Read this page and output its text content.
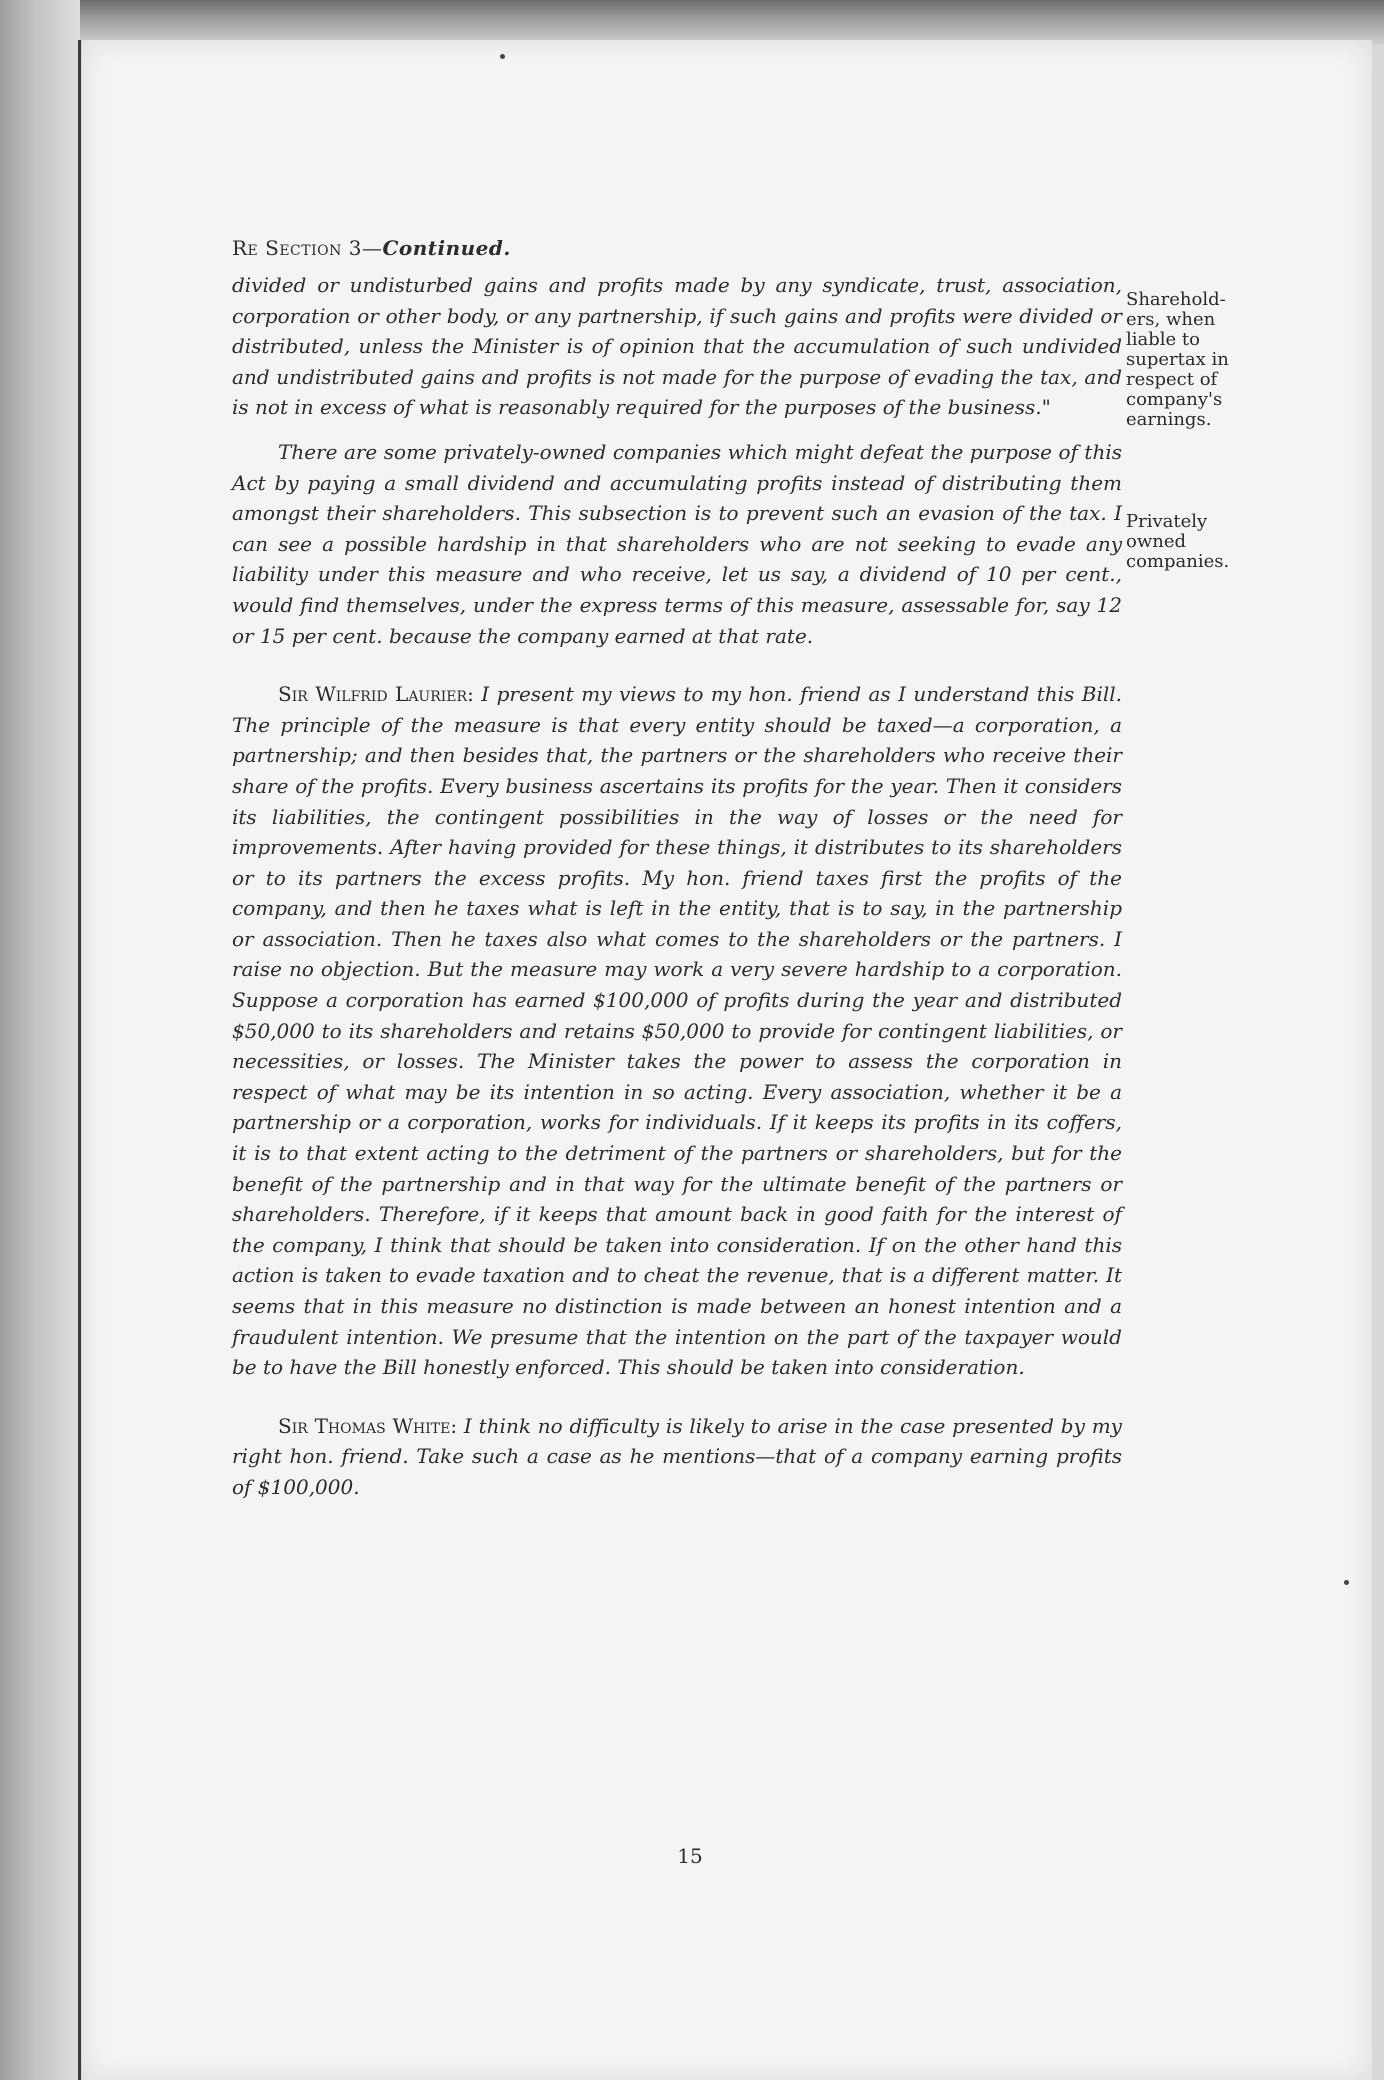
Re Section 3—Continued.

divided or undisturbed gains and profits made by any syndicate, trust, association, corporation or other body, or any partnership, if such gains and profits were divided or distributed, unless the Minister is of opinion that the accumulation of such undivided and undistributed gains and profits is not made for the purpose of evading the tax, and is not in excess of what is reasonably required for the purposes of the business."

There are some privately-owned companies which might defeat the purpose of this Act by paying a small dividend and accumulating profits instead of distributing them amongst their shareholders. This subsection is to prevent such an evasion of the tax. I can see a possible hardship in that shareholders who are not seeking to evade any liability under this measure and who receive, let us say, a dividend of 10 per cent., would find themselves, under the express terms of this measure, assessable for, say 12 or 15 per cent. because the company earned at that rate.

Sir Wilfrid Laurier: I present my views to my hon. friend as I understand this Bill. The principle of the measure is that every entity should be taxed—a corporation, a partnership; and then besides that, the partners or the shareholders who receive their share of the profits. Every business ascertains its profits for the year. Then it considers its liabilities, the contingent possibilities in the way of losses or the need for improvements. After having provided for these things, it distributes to its shareholders or to its partners the excess profits. My hon. friend taxes first the profits of the company, and then he taxes what is left in the entity, that is to say, in the partnership or association. Then he taxes also what comes to the shareholders or the partners. I raise no objection. But the measure may work a very severe hardship to a corporation. Suppose a corporation has earned $100,000 of profits during the year and distributed $50,000 to its shareholders and retains $50,000 to provide for contingent liabilities, or necessities, or losses. The Minister takes the power to assess the corporation in respect of what may be its intention in so acting. Every association, whether it be a partnership or a corporation, works for individuals. If it keeps its profits in its coffers, it is to that extent acting to the detriment of the partners or shareholders, but for the benefit of the partnership and in that way for the ultimate benefit of the partners or shareholders. Therefore, if it keeps that amount back in good faith for the interest of the company, I think that should be taken into consideration. If on the other hand this action is taken to evade taxation and to cheat the revenue, that is a different matter. It seems that in this measure no distinction is made between an honest intention and a fraudulent intention. We presume that the intention on the part of the taxpayer would be to have the Bill honestly enforced. This should be taken into consideration.

Sir Thomas White: I think no difficulty is likely to arise in the case presented by my right hon. friend. Take such a case as he mentions—that of a company earning profits of $100,000.

Sharehold-
ers, when
liable to
supertax in
respect of
company's
earnings.
Privately
owned
companies.
15
